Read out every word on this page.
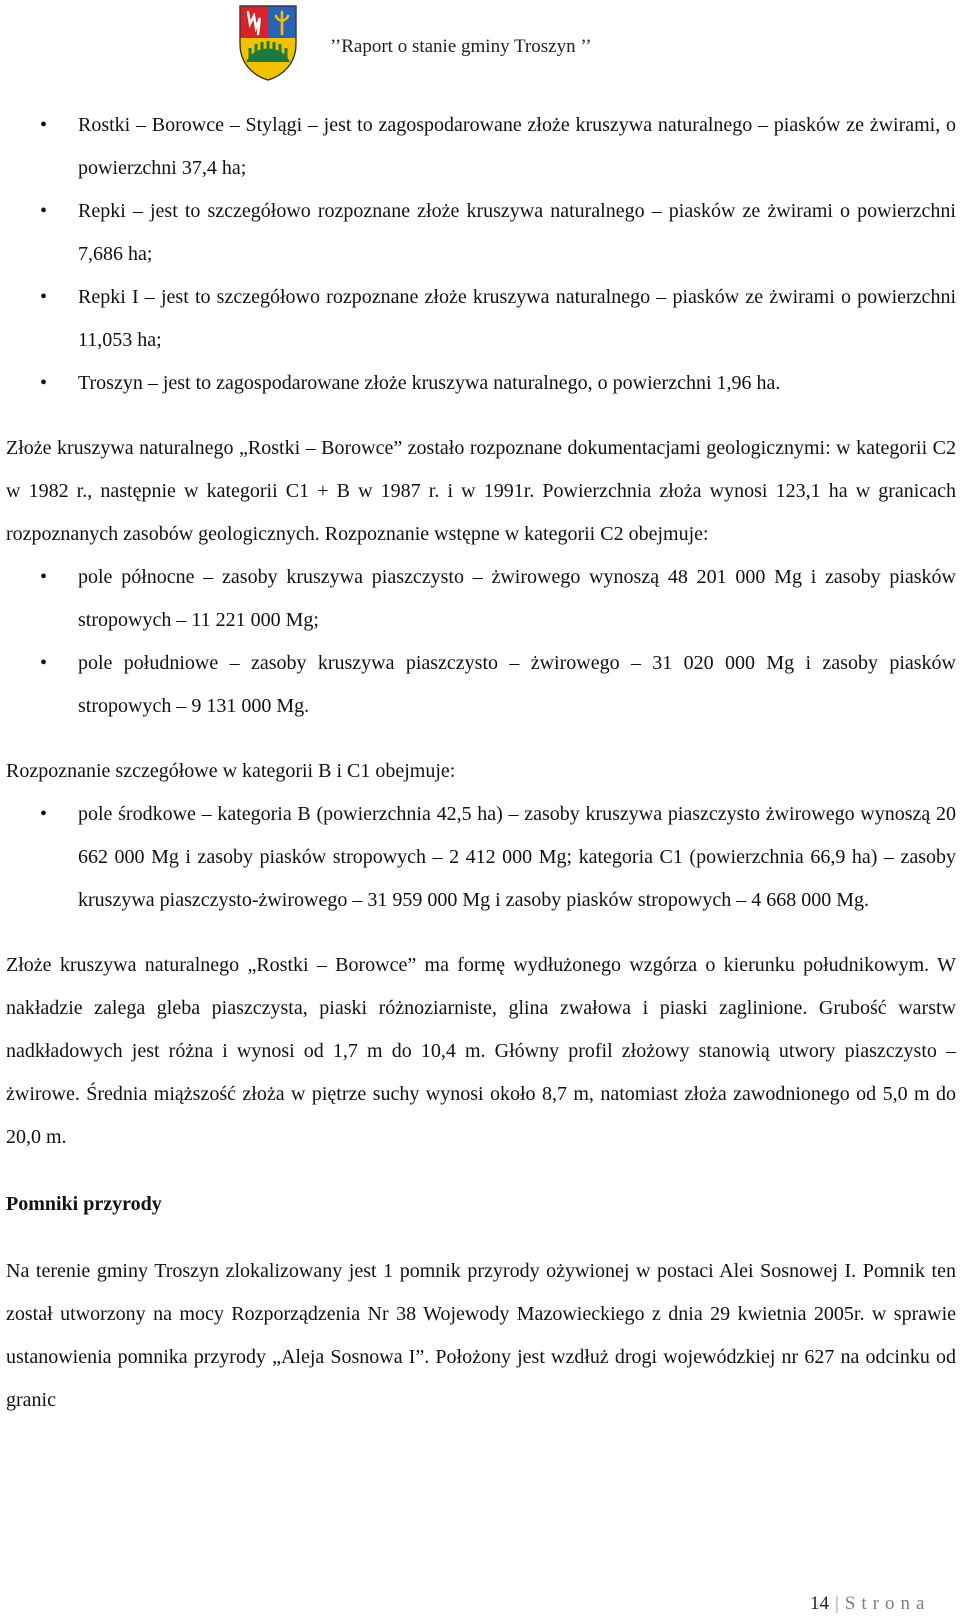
’’Raport o stanie gminy Troszyn ’’
• Rostki – Borowce – Stylągi – jest to zagospodarowane złoże kruszywa naturalnego – piasków ze żwirami, o powierzchni 37,4 ha;
• Repki – jest to szczegółowo rozpoznane złoże kruszywa naturalnego – piasków ze żwirami o powierzchni 7,686 ha;
• Repki I – jest to szczegółowo rozpoznane złoże kruszywa naturalnego – piasków ze żwirami o powierzchni 11,053 ha;
• Troszyn – jest to zagospodarowane złoże kruszywa naturalnego, o powierzchni 1,96 ha.

Złoże kruszywa naturalnego „Rostki – Borowce” zostało rozpoznane dokumentacjami geologicznymi: w kategorii C2 w 1982 r., następnie w kategorii C1 + B w 1987 r. i w 1991r. Powierzchnia złoża wynosi 123,1 ha w granicach rozpoznanych zasobów geologicznych. Rozpoznanie wstępne w kategorii C2 obejmuje:

• pole północne – zasoby kruszywa piaszczysto – żwirowego wynoszą 48 201 000 Mg i zasoby piasków stropowych – 11 221 000 Mg;
• pole południowe – zasoby kruszywa piaszczysto – żwirowego – 31 020 000 Mg i zasoby piasków stropowych – 9 131 000 Mg.

Rozpoznanie szczegółowe w kategorii B i C1 obejmuje:

• pole środkowe – kategoria B (powierzchnia 42,5 ha) – zasoby kruszywa piaszczysto żwirowego wynoszą 20 662 000 Mg i zasoby piasków stropowych – 2 412 000 Mg; kategoria C1 (powierzchnia 66,9 ha) – zasoby kruszywa piaszczysto-żwirowego – 31 959 000 Mg i zasoby piasków stropowych – 4 668 000 Mg.

Złoże kruszywa naturalnego „Rostki – Borowce” ma formę wydłużonego wzgórza o kierunku południkowym. W nakładzie zalega gleba piaszczysta, piaski różnoziarniste, glina zwałowa i piaski zaglinione. Grubość warstw nadkładowych jest różna i wynosi od 1,7 m do 10,4 m. Główny profil złożowy stanowią utwory piaszczysto – żwirowe. Średnia miąższość złoża w piętrze suchy wynosi około 8,7 m, natomiast złoża zawodnionego od 5,0 m do 20,0 m.

Pomniki przyrody

Na terenie gminy Troszyn zlokalizowany jest 1 pomnik przyrody ożywionej w postaci Alei Sosnowej I. Pomnik ten został utworzony na mocy Rozporządzenia Nr 38 Wojewody Mazowieckiego z dnia 29 kwietnia 2005r. w sprawie ustanowienia pomnika przyrody „Aleja Sosnowa I”. Położony jest wzdłuż drogi wojewódzkiej nr 627 na odcinku od granic

14 | Strona
